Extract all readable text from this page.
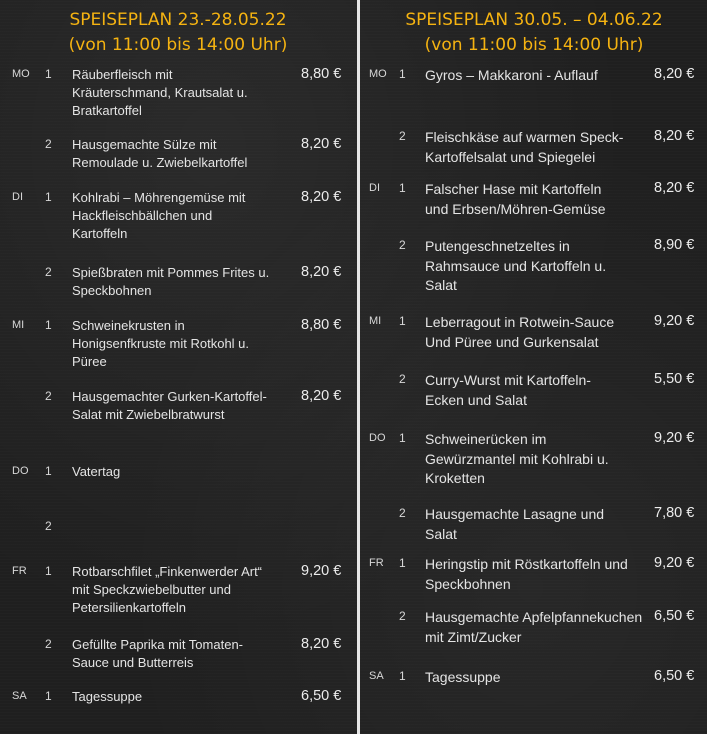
SPEISEPLAN 23.-28.05.22
(von 11:00 bis 14:00 Uhr)
MO 1 Räuberfleisch mit
Kräuterschmand, Krautsalat u.
Bratkartoffel
8,80 €
2 Hausgemachte Sülze mit
Remoulade u. Zwiebelkartoffel
8,20 €
DI 1 Kohlrabi – Möhrengemüse mit
Hackfleischbällchen und
Kartoffeln
8,20 €
2 Spießbraten mit Pommes Frites u.
Speckbohnen
8,20 €
MI 1 Schweinekrusten in
Honigsenfkruste mit Rotkohl u.
Püree
8,80 €
2 Hausgemachter Gurken-Kartoffel-
Salat mit Zwiebelbratwurst
8,20 €
DO 1 Vatertag
2
FR 1 Rotbarschfilet „Finkenwerder Art“
mit Speckzwiebelbutter und
Petersilienkartoffeln
9,20 €
2 Gefüllte Paprika mit Tomaten-
Sauce und Butterreis
8,20 €
SA 1 Tagessuppe	6,50 €
SPEISEPLAN 30.05. – 04.06.22
(von 11:00 bis 14:00 Uhr)
MO 1 Gyros – Makkaroni - Auflauf	8,20 €
2 Fleischkäse auf warmen Speck-
Kartoffelsalat und Spiegelei
8,20 €
DI 1 Falscher Hase mit Kartoffeln
und Erbsen/Möhren-Gemüse
8,20 €
2 Putengeschnetzeltes in
Rahmsauce und Kartoffeln u.
Salat
8,90 €
MI 1 Leberragout in Rotwein-Sauce
Und Püree und Gurkensalat
9,20 €
2 Curry-Wurst mit Kartoffeln-
Ecken und Salat
5,50 €
DO 1 Schweinerücken im
Gewürzmantel mit Kohlrabi u.
Kroketten
9,20 €
2 Hausgemachte Lasagne und
Salat
7,80 €
FR 1 Heringstip mit Röstkartoffeln und
Speckbohnen
9,20 €
2 Hausgemachte Apfelpfannekuchen
mit Zimt/Zucker
6,50 €
SA 1 Tagessuppe	6,50 €
